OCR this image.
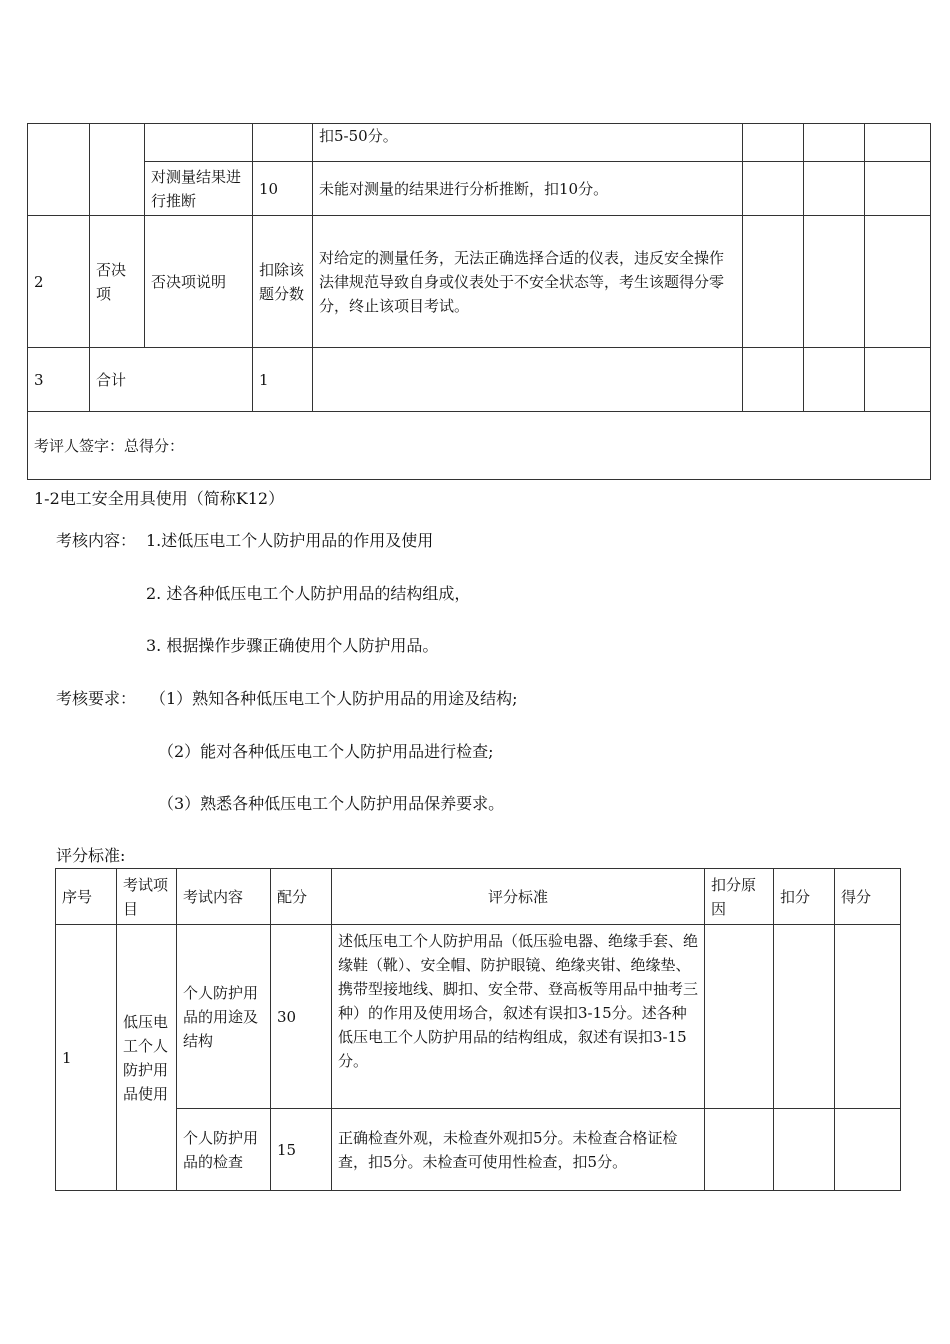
				扣5-50分。			
		对测量结果进行推断	10	未能对测量的结果进行分析推断，扣10分。			
2	否决项	否决项说明	扣除该题分数	对给定的测量任务，无法正确选择合适的仪表，违反安全操作法律规范导致自身或仪表处于不安全状态等，考生该题得分零分，终止该项目考试。			
3	合计		1				
考评人签字：总得分：							
1-2电工安全用具使用（简称K12）
考核内容： 1.述低压电工个人防护用品的作用及使用
2. 述各种低压电工个人防护用品的结构组成，
3. 根据操作步骤正确使用个人防护用品。
考核要求： （1）熟知各种低压电工个人防护用品的用途及结构;
（2）能对各种低压电工个人防护用品进行检查;
（3）熟悉各种低压电工个人防护用品保养要求。
评分标准:
序号	考试项目	考试内容	配分	评分标准	扣分原因	扣分	得分
1	低压电工个人防护用品使用	个人防护用品的用途及结构	30	述低压电工个人防护用品（低压验电器、绝缘手套、绝缘鞋（靴）、安全帽、防护眼镜、绝缘夹钳、绝缘垫、携带型接地线、脚扣、安全带、登高板等用品中抽考三种）的作用及使用场合，叙述有误扣3-15分。述各种低压电工个人防护用品的结构组成，叙述有误扣3-15分。			
		个人防护用品的检查	15	正确检查外观，未检查外观扣5分。未检查合格证检查，扣5分。未检查可使用性检查，扣5分。			
